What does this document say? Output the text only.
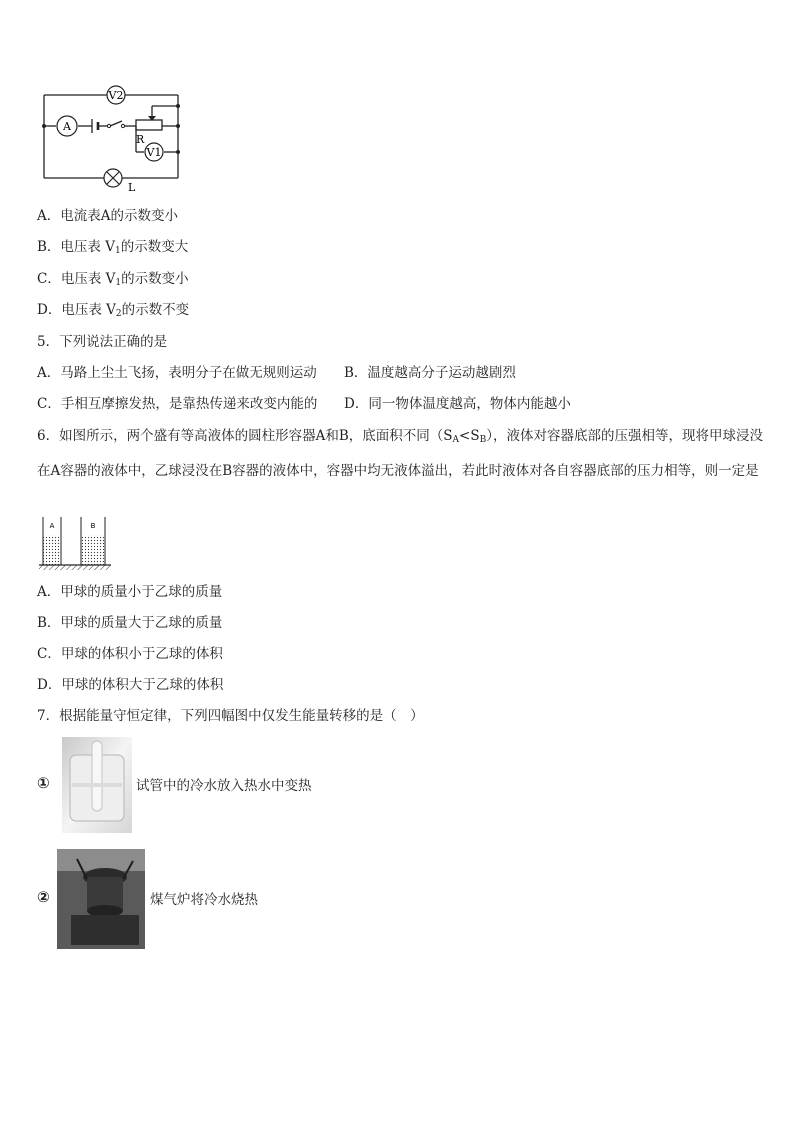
V2
A
V1
R
L
A．电流表A的示数变小
B．电压表 $V_1$的示数变大
C．电压表 $V_1$的示数变小
D．电压表 $V_2$的示数不变
5．下列说法正确的是
A．马路上尘土飞扬，表明分子在做无规则运动 B．温度越高分子运动越剧烈
C．手相互摩擦发热，是靠热传递来改变内能的 D．同一物体温度越高，物体内能越小
6．如图所示，两个盛有等高液体的圆柱形容器A和B，底面积不同$(S_A<S_B)$，液体对容器底部的压强相等，现将甲球浸没在A容器的液体中，乙球浸没在B容器的液体中，容器中均无液体溢出，若此时液体对各自容器底部的压力相等，则一定是
A	B
A．甲球的质量小于乙球的质量
B．甲球的质量大于乙球的质量
C．甲球的体积小于乙球的体积
D．甲球的体积大于乙球的体积
7．根据能量守恒定律，下列四幅图中仅发生能量转移的是（　）
①	试管中的冷水放入热水中变热
②	煤气炉将冷水烧热
